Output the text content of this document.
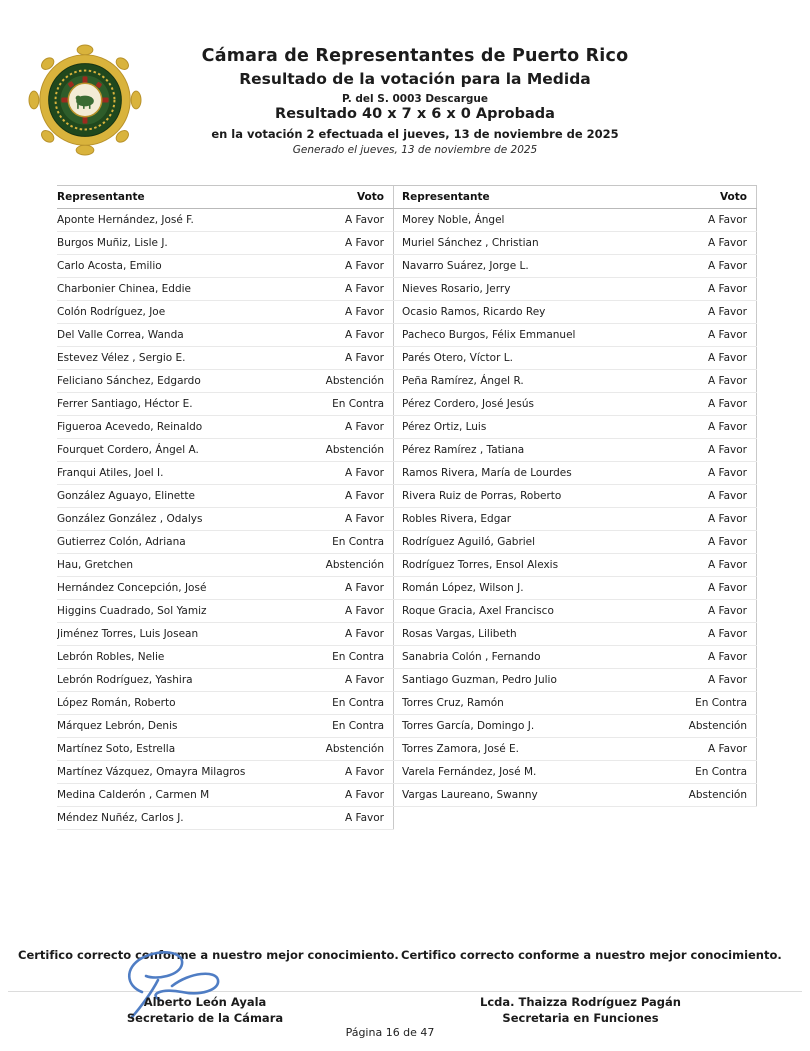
Cámara de Representantes de Puerto Rico
Resultado de la votación para la Medida
P. del S. 0003 Descargue
Resultado 40 x 7 x 6 x 0 Aprobada
en la votación 2 efectuada el jueves, 13 de noviembre de 2025
Generado el jueves, 13 de noviembre de 2025
Representante	Voto
Aponte Hernández, José F.	A Favor
Burgos Muñiz, Lisle J.	A Favor
Carlo Acosta, Emilio	A Favor
Charbonier Chinea, Eddie	A Favor
Colón Rodríguez, Joe	A Favor
Del Valle Correa, Wanda	A Favor
Estevez Vélez , Sergio E.	A Favor
Feliciano Sánchez, Edgardo	Abstención
Ferrer Santiago, Héctor E.	En Contra
Figueroa Acevedo, Reinaldo	A Favor
Fourquet Cordero, Ángel A.	Abstención
Franqui Atiles, Joel I.	A Favor
González Aguayo, Elinette	A Favor
González González , Odalys	A Favor
Gutierrez Colón, Adriana	En Contra
Hau, Gretchen	Abstención
Hernández Concepción, José	A Favor
Higgins Cuadrado, Sol Yamiz	A Favor
Jiménez Torres, Luis Josean	A Favor
Lebrón Robles, Nelie	En Contra
Lebrón Rodríguez, Yashira	A Favor
López Román, Roberto	En Contra
Márquez Lebrón, Denis	En Contra
Martínez Soto, Estrella	Abstención
Martínez Vázquez, Omayra Milagros	A Favor
Medina Calderón , Carmen M	A Favor
Méndez Nuñéz, Carlos J.	A Favor
Representante	Voto
Morey Noble, Ángel	A Favor
Muriel Sánchez , Christian	A Favor
Navarro Suárez, Jorge L.	A Favor
Nieves Rosario, Jerry	A Favor
Ocasio Ramos, Ricardo Rey	A Favor
Pacheco Burgos, Félix Emmanuel	A Favor
Parés Otero, Víctor L.	A Favor
Peña Ramírez, Ángel R.	A Favor
Pérez Cordero, José Jesús	A Favor
Pérez Ortiz, Luis	A Favor
Pérez Ramírez , Tatiana	A Favor
Ramos Rivera, María de Lourdes	A Favor
Rivera Ruiz de Porras, Roberto	A Favor
Robles Rivera, Edgar	A Favor
Rodríguez Aguiló, Gabriel	A Favor
Rodríguez Torres, Ensol Alexis	A Favor
Román López, Wilson J.	A Favor
Roque Gracia, Axel Francisco	A Favor
Rosas Vargas, Lilibeth	A Favor
Sanabria Colón , Fernando	A Favor
Santiago Guzman, Pedro Julio	A Favor
Torres Cruz, Ramón	En Contra
Torres García, Domingo J.	Abstención
Torres Zamora, José E.	A Favor
Varela Fernández, José M.	En Contra
Vargas Laureano, Swanny	Abstención
Certifico correcto conforme a nuestro mejor conocimiento. Certifico correcto conforme a nuestro mejor conocimiento.
Alberto León Ayala
Secretario de la Cámara
Lcda. Thaizza Rodríguez Pagán
Secretaria en Funciones
Página 16 de 47
